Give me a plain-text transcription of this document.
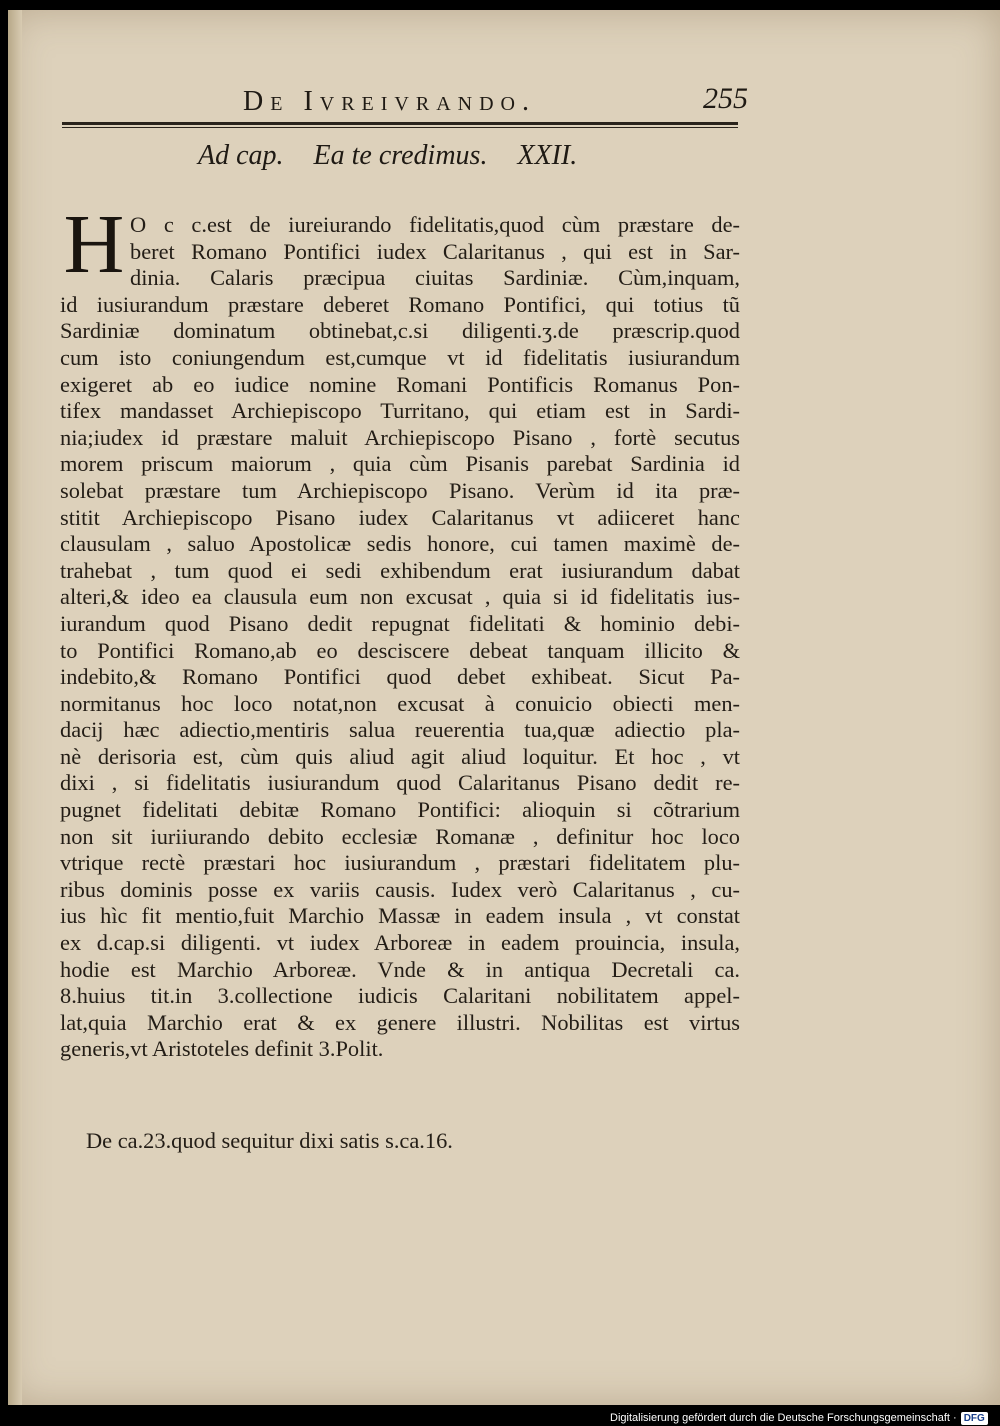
De Ivreivrando.	255
Ad cap. Ea te credimus. XXII.
H O c c.est de iureiurando fidelitatis,quod cùm præstare de-
beret Romano Pontifici iudex Calaritanus , qui est in Sar-
dinia. Calaris præcipua ciuitas Sardiniæ. Cùm,inquam,
id iusiurandum præstare deberet Romano Pontifici, qui totius tũ
Sardiniæ dominatum obtinebat,c.si diligenti.ʒ.de præscrip.quod
cum isto coniungendum est,cumque vt id fidelitatis iusiurandum
exigeret ab eo iudice nomine Romani Pontificis Romanus Pon-
tifex mandasset Archiepiscopo Turritano, qui etiam est in Sardi-
nia;iudex id præstare maluit Archiepiscopo Pisano , fortè secutus
morem priscum maiorum , quia cùm Pisanis parebat Sardinia id
solebat præstare tum Archiepiscopo Pisano. Verùm id ita præ-
stitit Archiepiscopo Pisano iudex Calaritanus vt adiiceret hanc
clausulam , saluo Apostolicæ sedis honore, cui tamen maximè de-
trahebat , tum quod ei sedi exhibendum erat iusiurandum dabat
alteri,& ideo ea clausula eum non excusat , quia si id fidelitatis ius-
iurandum quod Pisano dedit repugnat fidelitati & hominio debi-
to Pontifici Romano,ab eo desciscere debeat tanquam illicito &
indebito,& Romano Pontifici quod debet exhibeat. Sicut Pa-
normitanus hoc loco notat,non excusat à conuicio obiecti men-
dacij hæc adiectio,mentiris salua reuerentia tua,quæ adiectio pla-
nè derisoria est, cùm quis aliud agit aliud loquitur. Et hoc , vt
dixi , si fidelitatis iusiurandum quod Calaritanus Pisano dedit re-
pugnet fidelitati debitæ Romano Pontifici: alioquin si cõtrarium
non sit iuriiurando debito ecclesiæ Romanæ , definitur hoc loco
vtrique rectè præstari hoc iusiurandum , præstari fidelitatem plu-
ribus dominis posse ex variis causis. Iudex verò Calaritanus , cu-
ius hìc fit mentio,fuit Marchio Massæ in eadem insula , vt constat
ex d.cap.si diligenti. vt iudex Arboreæ in eadem prouincia, insula,
hodie est Marchio Arboreæ. Vnde & in antiqua Decretali ca.
8.huius tit.in 3.collectione iudicis Calaritani nobilitatem appel-
lat,quia Marchio erat & ex genere illustri. Nobilitas est virtus
generis,vt Aristoteles definit 3.Polit.
De ca.23.quod sequitur dixi satis s.ca.16.
Digitalisierung gefördert durch die Deutsche Forschungsgemeinschaft · DFG
